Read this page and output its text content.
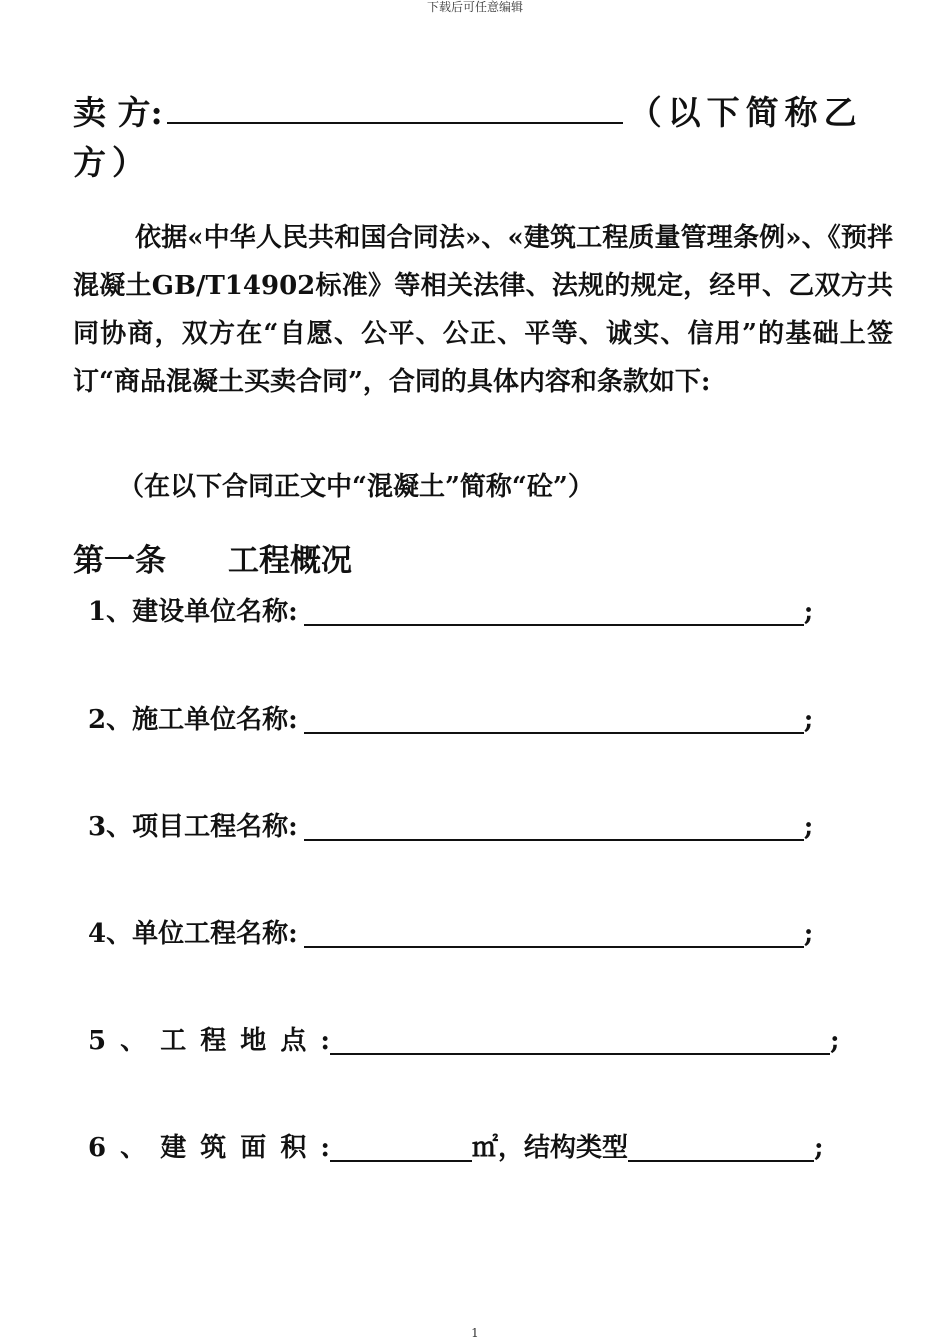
下载后可任意编辑
卖 方:	（以下简称乙方）
依据«中华人民共和国合同法»、«建筑工程质量管理条例»、《预拌混凝土GB/T14902标准》等相关法律、法规的规定，经甲、乙双方共同协商，双方在“自愿、公平、公正、平等、诚实、信用”的基础上签订“商品混凝土买卖合同”，合同的具体内容和条款如下:
（在以下合同正文中“混凝土”简称“砼”）
第一条 工程概况
1、建设单位名称:	;
2、施工单位名称:	;
3、项目工程名称:	;
4、单位工程名称:	;
5、工程地点:	;
6、建筑面积:	㎡，结构类型	;
1
